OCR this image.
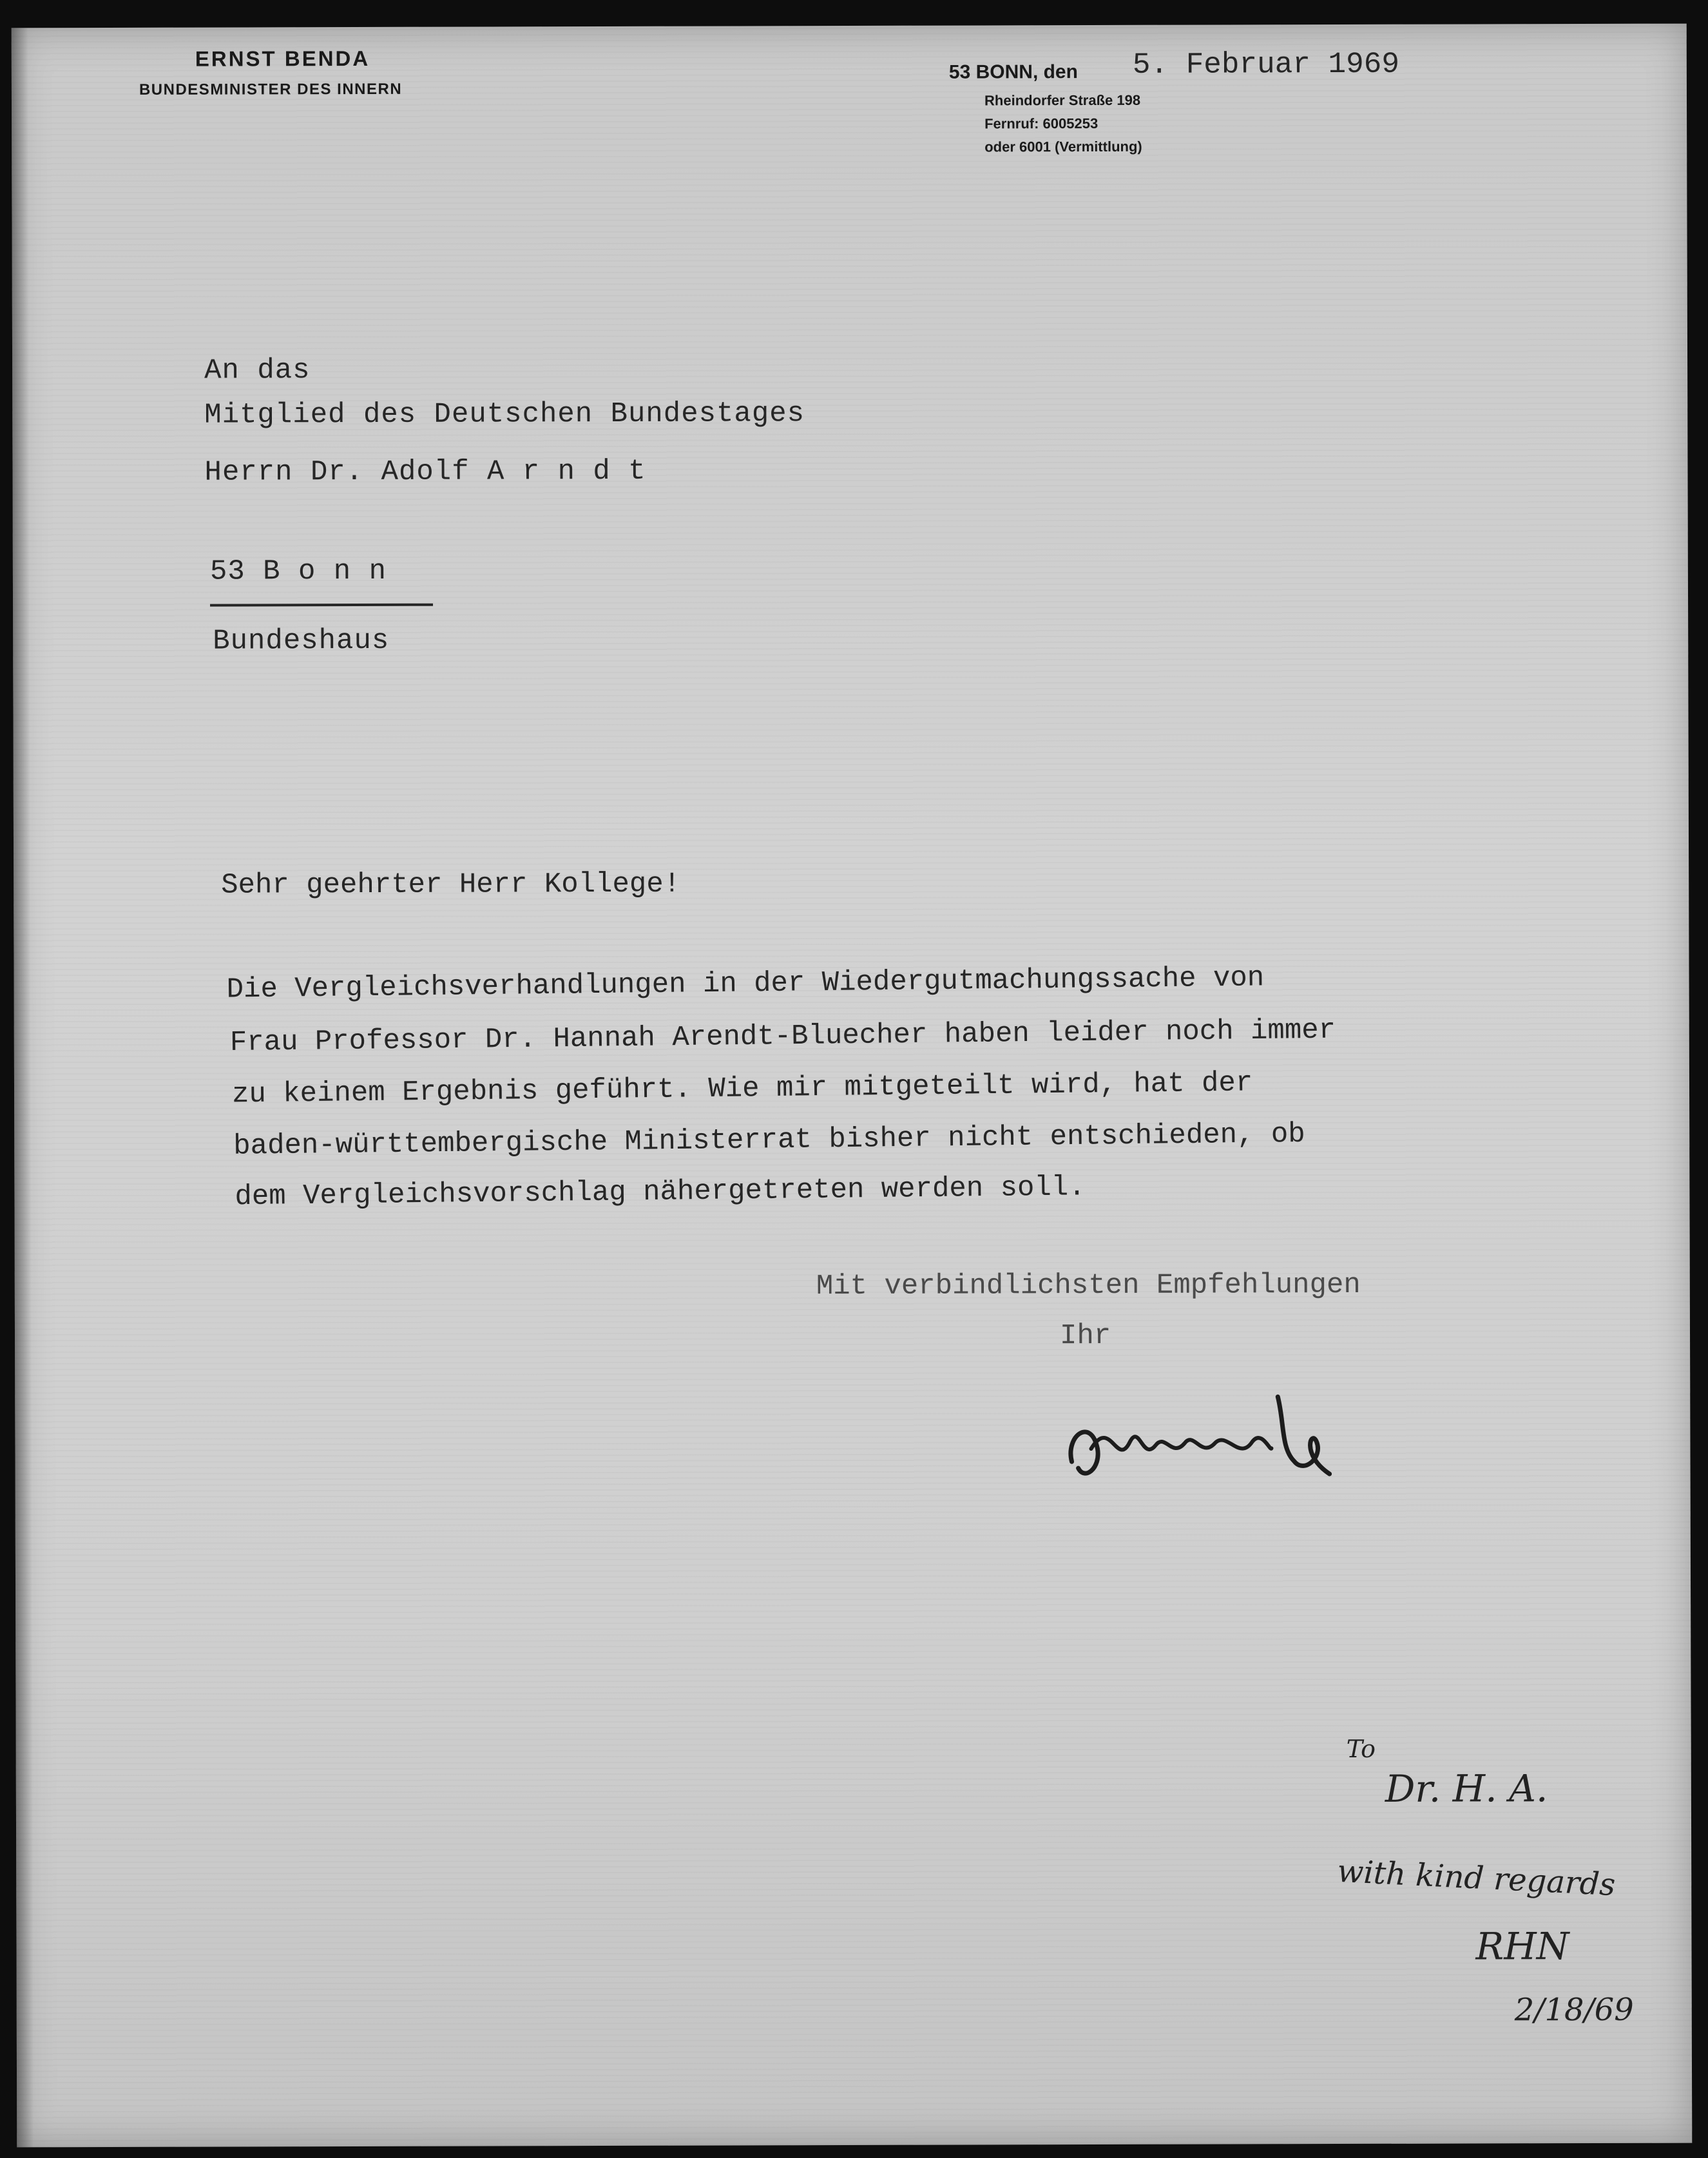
ERNST BENDA
BUNDESMINISTER DES INNERN
53 BONN, den 5. Februar 1969
Rheindorfer Straße 198
Fernruf: 6005253
oder 6001 (Vermittlung)
An das
Mitglied des Deutschen Bundestages
Herrn Dr. Adolf A r n d t
53 B o n n
Bundeshaus
Sehr geehrter Herr Kollege!
Die Vergleichsverhandlungen in der Wiedergutmachungssache von
Frau Professor Dr. Hannah Arendt-Bluecher haben leider noch immer
zu keinem Ergebnis geführt. Wie mir mitgeteilt wird, hat der
baden-württembergische Ministerrat bisher nicht entschieden, ob
dem Vergleichsvorschlag nähergetreten werden soll.
Mit verbindlichsten Empfehlungen
Ihr
To
Dr. H. A.
with kind regards
RHN
2/18/69
